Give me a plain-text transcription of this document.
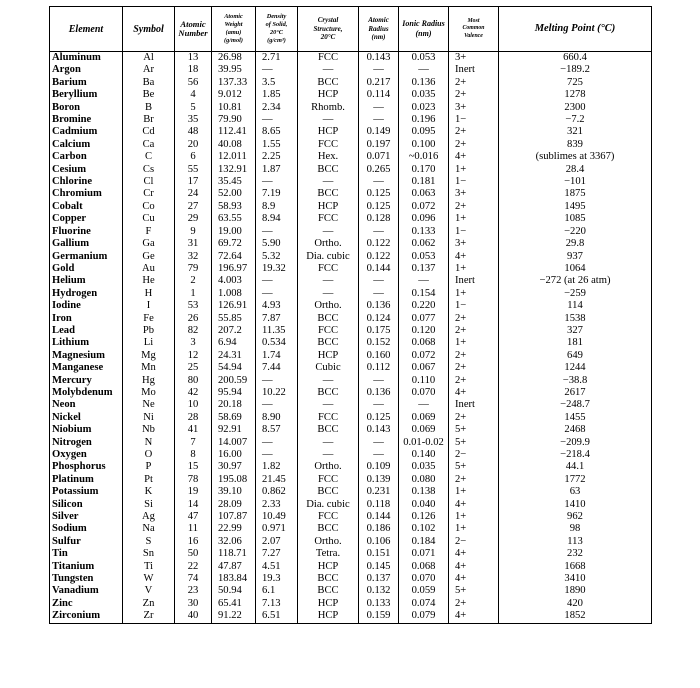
Element	Symbol	Atomic
Number	Atomic
Weight
(amu)
(g/mol)	Density
of Solid,
20°C
(g/cm³)	Crystal
Structure,
20°C	Atomic
Radius
(nm)	Ionic Radius
(nm)	Most
Common
Valence	Melting Point (°C)
Aluminum	Al	13	26.98	2.71	FCC	0.143	0.053	3+	660.4
Argon	Ar	18	39.95	—	—	—	—	Inert	−189.2
Barium	Ba	56	137.33	3.5	BCC	0.217	0.136	2+	725
Beryllium	Be	4	9.012	1.85	HCP	0.114	0.035	2+	1278
Boron	B	5	10.81	2.34	Rhomb.	—	0.023	3+	2300
Bromine	Br	35	79.90	—	—	—	0.196	1−	−7.2
Cadmium	Cd	48	112.41	8.65	HCP	0.149	0.095	2+	321
Calcium	Ca	20	40.08	1.55	FCC	0.197	0.100	2+	839
Carbon	C	6	12.011	2.25	Hex.	0.071	~0.016	4+	(sublimes at 3367)
Cesium	Cs	55	132.91	1.87	BCC	0.265	0.170	1+	28.4
Chlorine	Cl	17	35.45	—	—	—	0.181	1−	−101
Chromium	Cr	24	52.00	7.19	BCC	0.125	0.063	3+	1875
Cobalt	Co	27	58.93	8.9	HCP	0.125	0.072	2+	1495
Copper	Cu	29	63.55	8.94	FCC	0.128	0.096	1+	1085
Fluorine	F	9	19.00	—	—	—	0.133	1−	−220
Gallium	Ga	31	69.72	5.90	Ortho.	0.122	0.062	3+	29.8
Germanium	Ge	32	72.64	5.32	Dia. cubic	0.122	0.053	4+	937
Gold	Au	79	196.97	19.32	FCC	0.144	0.137	1+	1064
Helium	He	2	4.003	—	—	—	—	Inert	−272 (at 26 atm)
Hydrogen	H	1	1.008	—	—	—	0.154	1+	−259
Iodine	I	53	126.91	4.93	Ortho.	0.136	0.220	1−	114
Iron	Fe	26	55.85	7.87	BCC	0.124	0.077	2+	1538
Lead	Pb	82	207.2	11.35	FCC	0.175	0.120	2+	327
Lithium	Li	3	6.94	0.534	BCC	0.152	0.068	1+	181
Magnesium	Mg	12	24.31	1.74	HCP	0.160	0.072	2+	649
Manganese	Mn	25	54.94	7.44	Cubic	0.112	0.067	2+	1244
Mercury	Hg	80	200.59	—	—	—	0.110	2+	−38.8
Molybdenum	Mo	42	95.94	10.22	BCC	0.136	0.070	4+	2617
Neon	Ne	10	20.18	—	—	—	—	Inert	−248.7
Nickel	Ni	28	58.69	8.90	FCC	0.125	0.069	2+	1455
Niobium	Nb	41	92.91	8.57	BCC	0.143	0.069	5+	2468
Nitrogen	N	7	14.007	—	—	—	0.01-0.02	5+	−209.9
Oxygen	O	8	16.00	—	—	—	0.140	2−	−218.4
Phosphorus	P	15	30.97	1.82	Ortho.	0.109	0.035	5+	44.1
Platinum	Pt	78	195.08	21.45	FCC	0.139	0.080	2+	1772
Potassium	K	19	39.10	0.862	BCC	0.231	0.138	1+	63
Silicon	Si	14	28.09	2.33	Dia. cubic	0.118	0.040	4+	1410
Silver	Ag	47	107.87	10.49	FCC	0.144	0.126	1+	962
Sodium	Na	11	22.99	0.971	BCC	0.186	0.102	1+	98
Sulfur	S	16	32.06	2.07	Ortho.	0.106	0.184	2−	113
Tin	Sn	50	118.71	7.27	Tetra.	0.151	0.071	4+	232
Titanium	Ti	22	47.87	4.51	HCP	0.145	0.068	4+	1668
Tungsten	W	74	183.84	19.3	BCC	0.137	0.070	4+	3410
Vanadium	V	23	50.94	6.1	BCC	0.132	0.059	5+	1890
Zinc	Zn	30	65.41	7.13	HCP	0.133	0.074	2+	420
Zirconium	Zr	40	91.22	6.51	HCP	0.159	0.079	4+	1852
